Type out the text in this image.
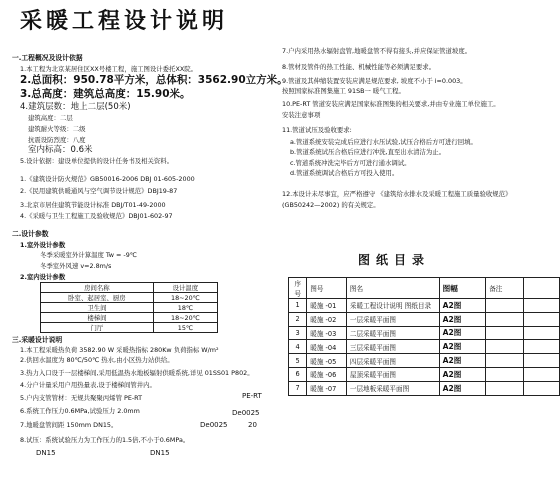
采暖工程设计说明
一.工程概况及设计依据
1.本工程为北京某居住区XX号楼工程，施工图设计委托XX院。
2.总面积：950.78平方米，总体积：3562.90立方米。
3.总高度：建筑总高度：15.90米。
4.建筑层数：地上二层(50米)
建筑高度：二层
建筑耐火等级：二级
抗震设防烈度：八度
室内标高：0.6米
5.设计依据：建设单位提供的设计任务书及相关资料。
1.《建筑设计防火规范》GB50016-2006 DBJ 01-605-2000
2.《民用建筑供暖通风与空气调节设计规范》DBJ19-87
3.北京市居住建筑节能设计标准 DBJ/T01-49-2000
4.《采暖与卫生工程施工及验收规范》DBJ01-602-97
二.设计参数
1.室外设计参数
冬季采暖室外计算温度 Tw = -9℃
冬季室外风速 v=2.8m/s
2.室内设计参数
房间名称	设计温度
卧室、起居室、厨房	18~20℃
卫生间	18℃
楼梯间	18~20℃
门厅	15℃
三.采暖设计说明
1.本工程采暖热负荷 3582.90 W 采暖热指标 280Kw 负荷指标 W/m²
2.供回水温度为 80℃/50℃ 热水,由小区热力站供给。
3.热力入口设于一层楼梯间,采用低温热水地板辐射供暖系统,详见 01SS01 P802。
4.分户计量采用户用热量表,设于楼梯间管井内。
5.户内支管管材：无规共聚聚丙烯管 PE-RT
6.系统工作压力0.6MPa,试验压力 2.0mm
7.地暖盘管间距 150mm DN15。
8.试压：系统试验压力为工作压力的1.5倍,不小于0.6MPa。
De0025
PE-RT
De0025	20
DN15	DN15
7.户内采用热水辐射盘管,地暖盘管不得有接头,并应保证管道坡度。
8.管材及管件的热工性能、机械性能等必须满足要求。
9.管道及其伸缩装置安装应满足规范要求, 坡度不小于 i=0.003。
按照国家标准图集施工 91SB一 暖气工程。
10.PE-RT 管道安装应满足国家标准图集的相关要求,并由专业施工单位施工。
安装注意事项
11.管道试压及验收要求:
a.管道系统安装完成后应进行水压试验,试压合格后方可进行回填。
b.管道系统试压合格后应进行冲洗,直至出水清洁为止。
c.管道系统冲洗完毕后方可进行通水调试。
d.管道系统调试合格后方可投入使用。
12.本设计未尽事宜，应严格遵守 《建筑给水排水及采暖工程施工质量验收规范》
(GB50242—2002) 的有关规定。
图纸目录
序号	图号	图名	图幅	备注	
1	暖施 -01	采暖工程设计说明 图纸目录	A2图		
2	暖施 -02	一层采暖平面图	A2图		
3	暖施 -03	二层采暖平面图	A2图		
4	暖施 -04	三层采暖平面图	A2图		
5	暖施 -05	四层采暖平面图	A2图		
6	暖施 -06	屋顶采暖平面图	A2图		
7	暖施 -07	一层地板采暖平面图	A2图		
